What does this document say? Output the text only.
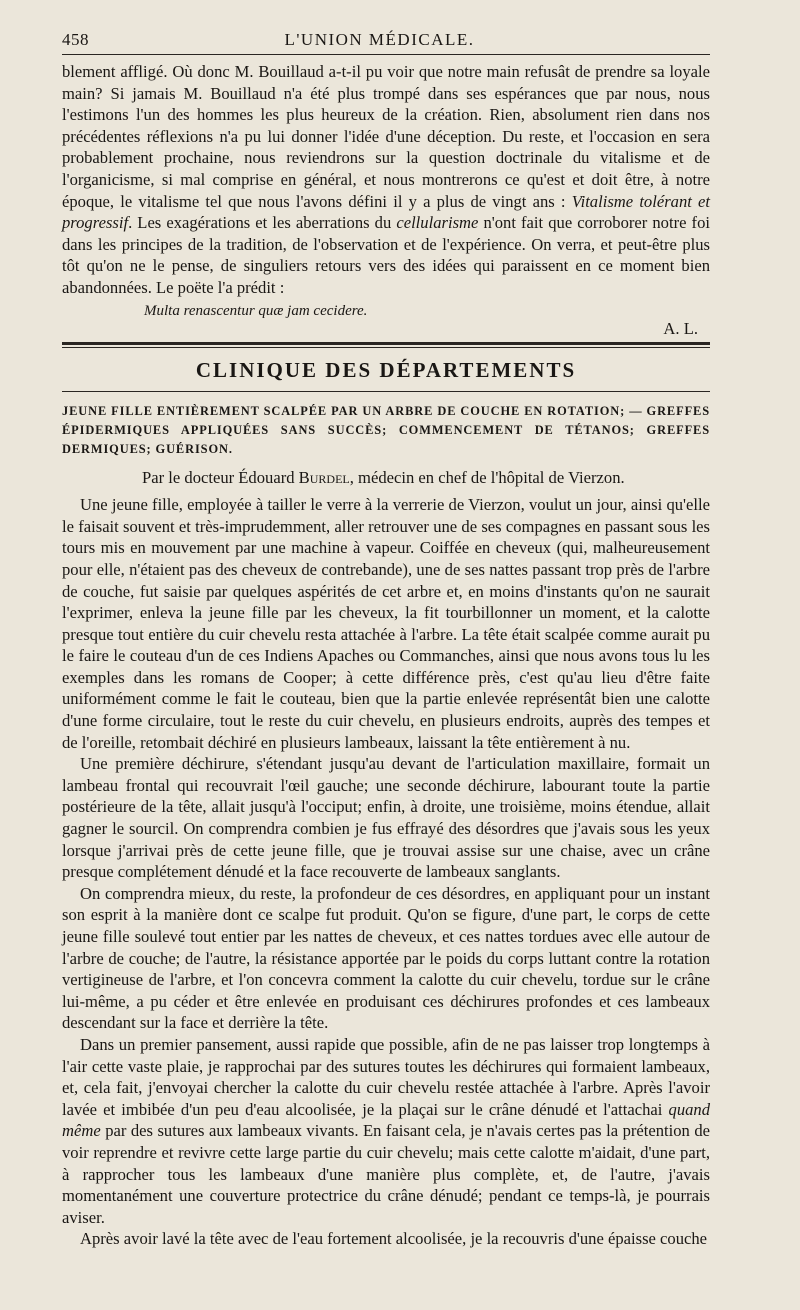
458	L'UNION MÉDICALE.

blement affligé. Où donc M. Bouillaud a-t-il pu voir que notre main refusât de prendre sa loyale main? Si jamais M. Bouillaud n'a été plus trompé dans ses espérances que par nous, nous l'estimons l'un des hommes les plus heureux de la création. Rien, absolument rien dans nos précédentes réflexions n'a pu lui donner l'idée d'une déception. Du reste, et l'occasion en sera probablement prochaine, nous reviendrons sur la question doctrinale du vitalisme et de l'organicisme, si mal comprise en général, et nous montrerons ce qu'est et doit être, à notre époque, le vitalisme tel que nous l'avons défini il y a plus de vingt ans : Vitalisme tolérant et progressif. Les exagérations et les aberrations du cellularisme n'ont fait que corroborer notre foi dans les principes de la tradition, de l'observation et de l'expérience. On verra, et peut-être plus tôt qu'on ne le pense, de singuliers retours vers des idées qui paraissent en ce moment bien abandonnées. Le poëte l'a prédit :

Multa renascentur quæ jam cecidere.
A. L.
CLINIQUE DES DÉPARTEMENTS
JEUNE FILLE ENTIÈREMENT SCALPÉE PAR UN ARBRE DE COUCHE EN ROTATION; — GREFFES ÉPIDERMIQUES APPLIQUÉES SANS SUCCÈS; COMMENCEMENT DE TÉTANOS; GREFFES DERMIQUES; GUÉRISON.
Par le docteur Édouard Burdel, médecin en chef de l'hôpital de Vierzon.

Une jeune fille, employée à tailler le verre à la verrerie de Vierzon, voulut un jour, ainsi qu'elle le faisait souvent et très-imprudemment, aller retrouver une de ses compagnes en passant sous les tours mis en mouvement par une machine à vapeur. Coiffée en cheveux (qui, malheureusement pour elle, n'étaient pas des cheveux de contrebande), une de ses nattes passant trop près de l'arbre de couche, fut saisie par quelques aspérités de cet arbre et, en moins d'instants qu'on ne saurait l'exprimer, enleva la jeune fille par les cheveux, la fit tourbillonner un moment, et la calotte presque tout entière du cuir chevelu resta attachée à l'arbre. La tête était scalpée comme aurait pu le faire le couteau d'un de ces Indiens Apaches ou Commanches, ainsi que nous avons tous lu les exemples dans les romans de Cooper; à cette différence près, c'est qu'au lieu d'être faite uniformément comme le fait le couteau, bien que la partie enlevée représentât bien une calotte d'une forme circulaire, tout le reste du cuir chevelu, en plusieurs endroits, auprès des tempes et de l'oreille, retombait déchiré en plusieurs lambeaux, laissant la tête entièrement à nu.

Une première déchirure, s'étendant jusqu'au devant de l'articulation maxillaire, formait un lambeau frontal qui recouvrait l'œil gauche; une seconde déchirure, labourant toute la partie postérieure de la tête, allait jusqu'à l'occiput; enfin, à droite, une troisième, moins étendue, allait gagner le sourcil. On comprendra combien je fus effrayé des désordres que j'avais sous les yeux lorsque j'arrivai près de cette jeune fille, que je trouvai assise sur une chaise, avec un crâne presque complétement dénudé et la face recouverte de lambeaux sanglants.

On comprendra mieux, du reste, la profondeur de ces désordres, en appliquant pour un instant son esprit à la manière dont ce scalpe fut produit. Qu'on se figure, d'une part, le corps de cette jeune fille soulevé tout entier par les nattes de cheveux, et ces nattes tordues avec elle autour de l'arbre de couche; de l'autre, la résistance apportée par le poids du corps luttant contre la rotation vertigineuse de l'arbre, et l'on concevra comment la calotte du cuir chevelu, tordue sur le crâne lui-même, a pu céder et être enlevée en produisant ces déchirures profondes et ces lambeaux descendant sur la face et derrière la tête.

Dans un premier pansement, aussi rapide que possible, afin de ne pas laisser trop longtemps à l'air cette vaste plaie, je rapprochai par des sutures toutes les déchirures qui formaient lambeaux, et, cela fait, j'envoyai chercher la calotte du cuir chevelu restée attachée à l'arbre. Après l'avoir lavée et imbibée d'un peu d'eau alcoolisée, je la plaçai sur le crâne dénudé et l'attachai quand même par des sutures aux lambeaux vivants. En faisant cela, je n'avais certes pas la prétention de voir reprendre et revivre cette large partie du cuir chevelu; mais cette calotte m'aidait, d'une part, à rapprocher tous les lambeaux d'une manière plus complète, et, de l'autre, j'avais momentanément une couverture protectrice du crâne dénudé; pendant ce temps-là, je pourrais aviser.

Après avoir lavé la tête avec de l'eau fortement alcoolisée, je la recouvris d'une épaisse couche
